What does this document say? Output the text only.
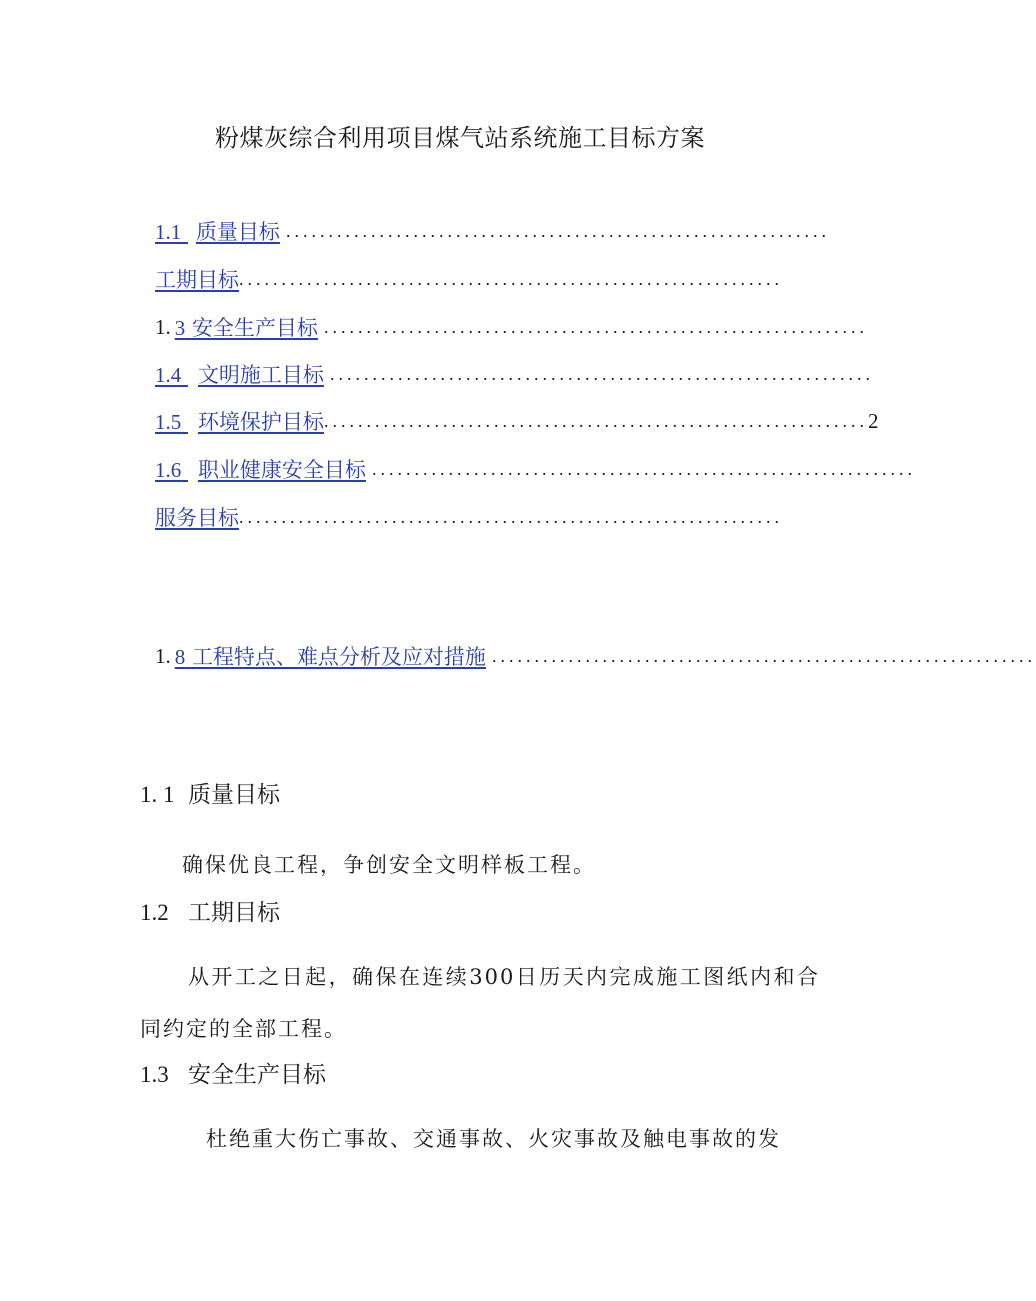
粉煤灰综合利用项目煤气站系统施工目标方案
1.1 质量目标 ................................................................
工期目标 ................................................................
1. 3 安全生产目标 ................................................................
1.4 文明施工目标 ................................................................
1.5 环境保护目标 ................................................................ 2
1.6 职业健康安全目标 ................................................................
服务目标 ................................................................
1. 8 工程特点、难点分析及应对措施 ................................................................
1. 1 质量目标
确保优良工程，争创安全文明样板工程。
1.2 工期目标
从开工之日起，确保在连续300日历天内完成施工图纸内和合同约定的全部工程。
1.3 安全生产目标
杜绝重大伤亡事故、交通事故、火灾事故及触电事故的发
